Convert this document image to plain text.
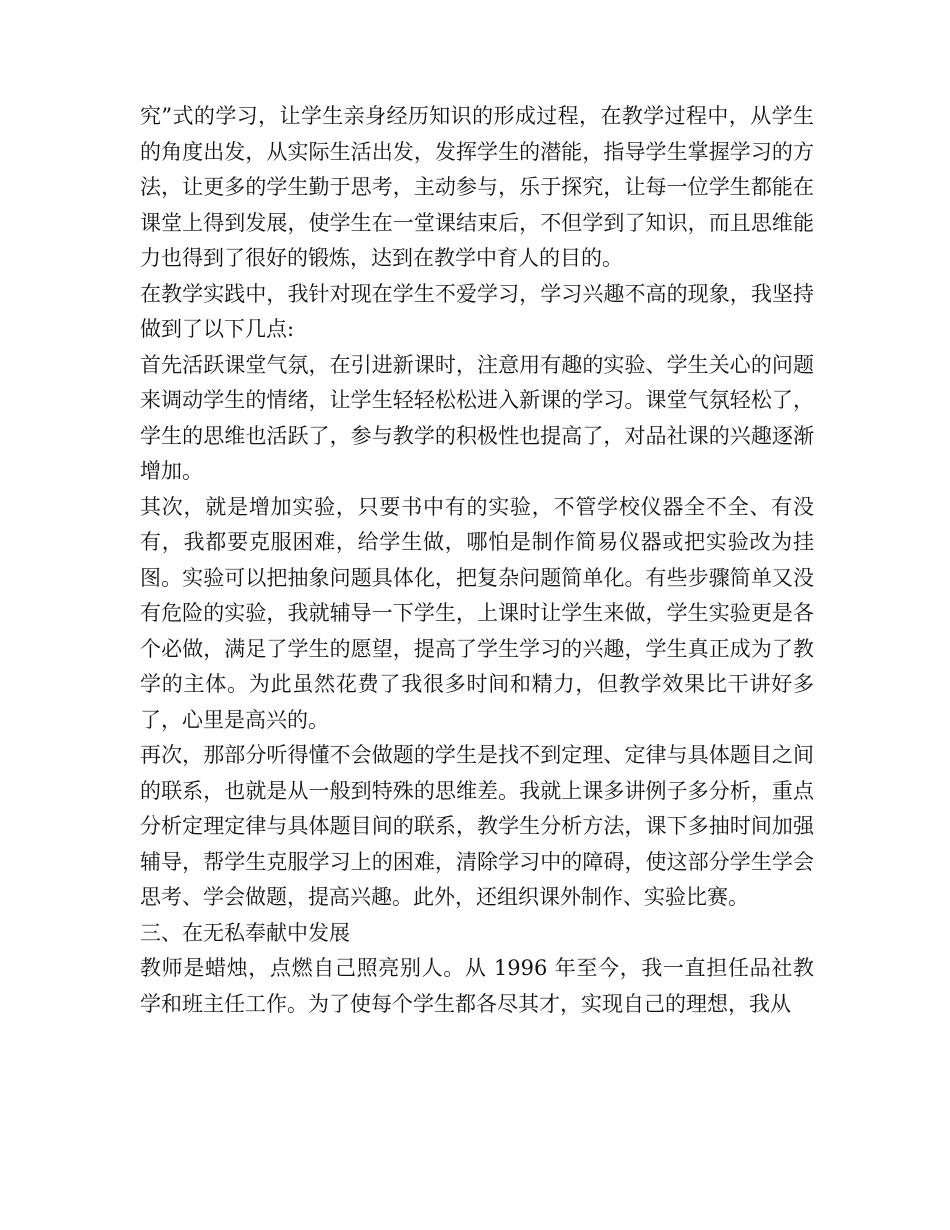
究”式的学习，让学生亲身经历知识的形成过程，在教学过程中，从学生的角度出发，从实际生活出发，发挥学生的潜能，指导学生掌握学习的方法，让更多的学生勤于思考，主动参与，乐于探究，让每一位学生都能在课堂上得到发展，使学生在一堂课结束后，不但学到了知识，而且思维能力也得到了很好的锻炼，达到在教学中育人的目的。

在教学实践中，我针对现在学生不爱学习，学习兴趣不高的现象，我坚持做到了以下几点:

首先活跃课堂气氛，在引进新课时，注意用有趣的实验、学生关心的问题来调动学生的情绪，让学生轻轻松松进入新课的学习。课堂气氛轻松了，学生的思维也活跃了，参与教学的积极性也提高了，对品社课的兴趣逐渐增加。

其次，就是增加实验，只要书中有的实验，不管学校仪器全不全、有没有，我都要克服困难，给学生做，哪怕是制作简易仪器或把实验改为挂图。实验可以把抽象问题具体化，把复杂问题简单化。有些步骤简单又没有危险的实验，我就辅导一下学生，上课时让学生来做，学生实验更是各个必做，满足了学生的愿望，提高了学生学习的兴趣，学生真正成为了教学的主体。为此虽然花费了我很多时间和精力，但教学效果比干讲好多了，心里是高兴的。

再次，那部分听得懂不会做题的学生是找不到定理、定律与具体题目之间的联系，也就是从一般到特殊的思维差。我就上课多讲例子多分析，重点分析定理定律与具体题目间的联系，教学生分析方法，课下多抽时间加强辅导，帮学生克服学习上的困难，清除学习中的障碍，使这部分学生学会思考、学会做题，提高兴趣。此外，还组织课外制作、实验比赛。

三、在无私奉献中发展

教师是蜡烛，点燃自己照亮别人。从 1996 年至今，我一直担任品社教学和班主任工作。为了使每个学生都各尽其才，实现自己的理想，我从
